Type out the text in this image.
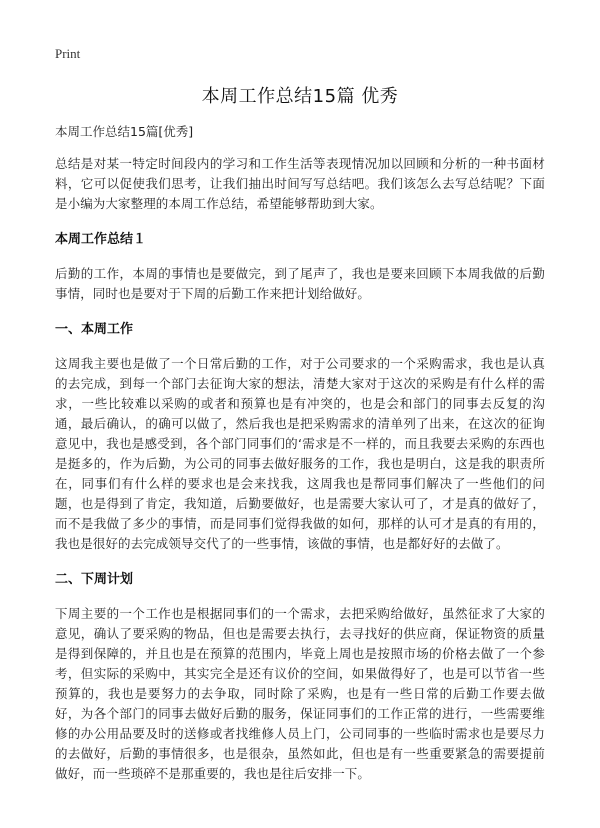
Print
本周工作总结15篇 优秀

本周工作总结15篇[优秀]

总结是对某一特定时间段内的学习和工作生活等表现情况加以回顾和分析的一种书面材料，它可以促使我们思考，让我们抽出时间写写总结吧。我们该怎么去写总结呢？下面是小编为大家整理的本周工作总结，希望能够帮助到大家。

本周工作总结１

后勤的工作，本周的事情也是要做完，到了尾声了，我也是要来回顾下本周我做的后勤事情，同时也是要对于下周的后勤工作来把计划给做好。

一、本周工作

这周我主要也是做了一个日常后勤的工作，对于公司要求的一个采购需求，我也是认真的去完成，到每一个部门去征询大家的想法，清楚大家对于这次的采购是有什么样的需求，一些比较难以采购的或者和预算也是有冲突的，也是会和部门的同事去反复的沟通，最后确认，的确可以做了，然后我也是把采购需求的清单列了出来，在这次的征询意见中，我也是感受到，各个部门同事们的‘需求是不一样的，而且我要去采购的东西也是挺多的，作为后勤，为公司的同事去做好服务的工作，我也是明白，这是我的职责所在，同事们有什么样的要求也是会来找我，这周我也是帮同事们解决了一些他们的问题，也是得到了肯定，我知道，后勤要做好，也是需要大家认可了，才是真的做好了，而不是我做了多少的事情，而是同事们觉得我做的如何，那样的认可才是真的有用的，我也是很好的去完成领导交代了的一些事情，该做的事情，也是都好好的去做了。

二、下周计划

下周主要的一个工作也是根据同事们的一个需求，去把采购给做好，虽然征求了大家的意见，确认了要采购的物品，但也是需要去执行，去寻找好的供应商，保证物资的质量是得到保障的，并且也是在预算的范围内，毕竟上周也是按照市场的价格去做了一个参考，但实际的采购中，其实完全是还有议价的空间，如果做得好了，也是可以节省一些预算的，我也是要努力的去争取，同时除了采购，也是有一些日常的后勤工作要去做好，为各个部门的同事去做好后勤的服务，保证同事们的工作正常的进行，一些需要维修的办公用品要及时的送修或者找维修人员上门，公司同事的一些临时需求也是要尽力的去做好，后勤的事情很多，也是很杂，虽然如此，但也是有一些重要紧急的需要提前做好，而一些琐碎不是那重要的，我也是往后安排一下。
